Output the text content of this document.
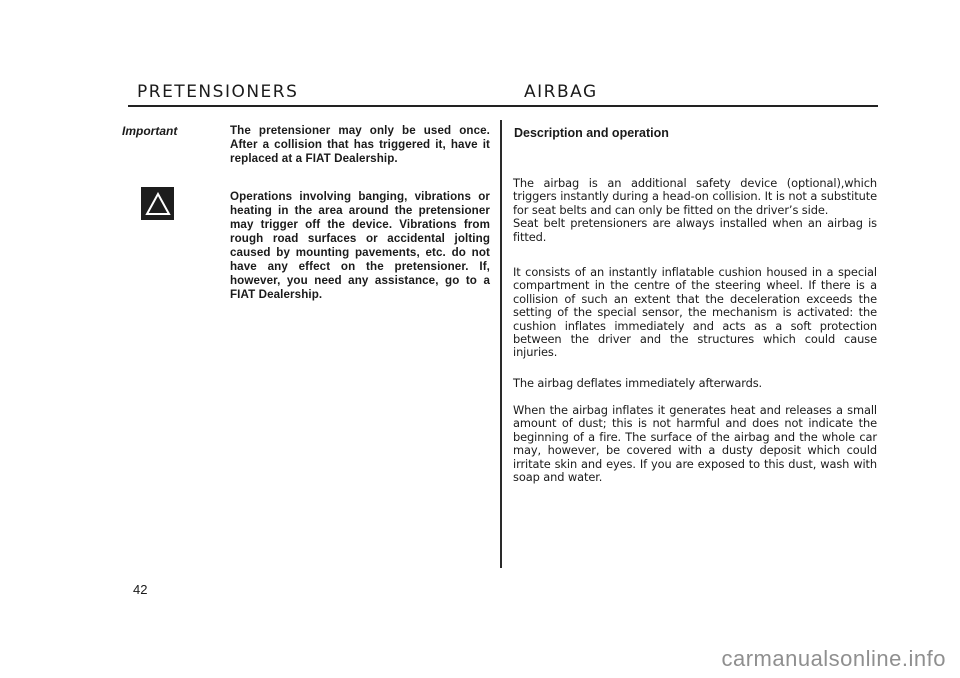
PRETENSIONERS	AIRBAG
Important	The pretensioner may only be used once. After a collision that has triggered it, have it replaced at a FIAT Dealership.
Operations involving banging, vibrations or heating in the area around the pretensioner may trigger off the device. Vibrations from rough road surfaces or accidental jolting caused by mounting pavements, etc. do not have any effect on the pretensioner. If, however, you need any assistance, go to a FIAT Dealership.
42
Description and operation

The airbag is an additional safety device (optional),which triggers instantly during a head-on collision. It is not a substitute for seat belts and can only be fitted on the driver’s side.

Seat belt pretensioners are always installed when an airbag is fitted.

It consists of an instantly inflatable cushion housed in a special compartment in the centre of the steering wheel. If there is a collision of such an extent that the deceleration exceeds the setting of the special sensor, the mechanism is activated: the cushion inflates immediately and acts as a soft protection between the driver and the structures which could cause injuries.
The airbag deflates immediately afterwards.
When the airbag inflates it generates heat and releases a small amount of dust; this is not harmful and does not indicate the beginning of a fire. The surface of the airbag and the whole car may, however, be covered with a dusty deposit which could irritate skin and eyes. If you are exposed to this dust, wash with soap and water.
carmanualsonline.info
